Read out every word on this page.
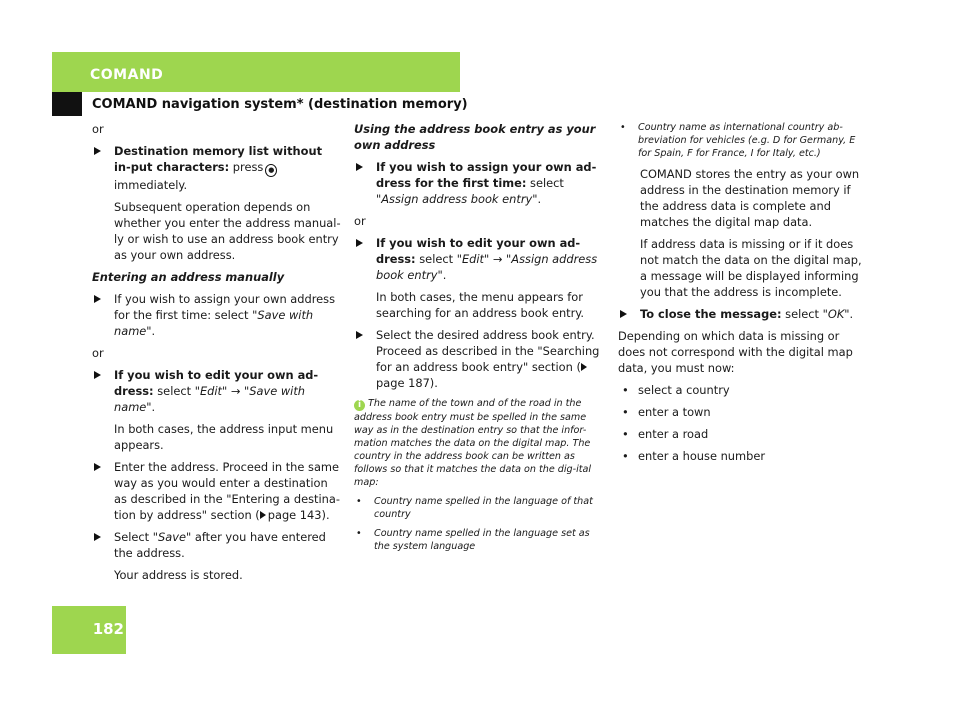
COMAND
COMAND navigation system* (destination memory)

or

Destination memory list without in-put characters: press ●immediately.

Subsequent operation depends on whether you enter the address manual-ly or wish to use an address book entry as your own address.

Entering an address manually

If you wish to assign your own address for the first time: select "Save with name".

or

If you wish to edit your own ad-dress: select "Edit" → "Save with name".

In both cases, the address input menu appears.

Enter the address. Proceed in the same way as you would enter a destination as described in the "Entering a destina-tion by address" section ( page 143).
Select "Save" after you have entered the address.

Your address is stored.

Using the address book entry as your own address

If you wish to assign your own ad-dress for the first time: select "Assign address book entry".

or

If you wish to edit your own ad-dress: select "Edit" → "Assign address book entry".

In both cases, the menu appears for searching for an address book entry.

Select the desired address book entry. Proceed as described in the "Searching for an address book entry" section (page 187).

i The name of the town and of the road in the address book entry must be spelled in the same way as in the destination entry so that the infor-mation matches the data on the digital map. The country in the address book can be written as follows so that it matches the data on the dig-ital map:

• Country name spelled in the language of that country
• Country name spelled in the language set as the system language
• Country name as international country ab-breviation for vehicles (e.g. D for Germany, E for Spain, F for France, I for Italy, etc.)

COMAND stores the entry as your own address in the destination memory if the address data is complete and matches the digital map data.

If address data is missing or if it does not match the data on the digital map, a message will be displayed informing you that the address is incomplete.

To close the message: select "OK".

Depending on which data is missing or does not correspond with the digital map data, you must now:

• select a country
• enter a town
• enter a road
• enter a house number
182
